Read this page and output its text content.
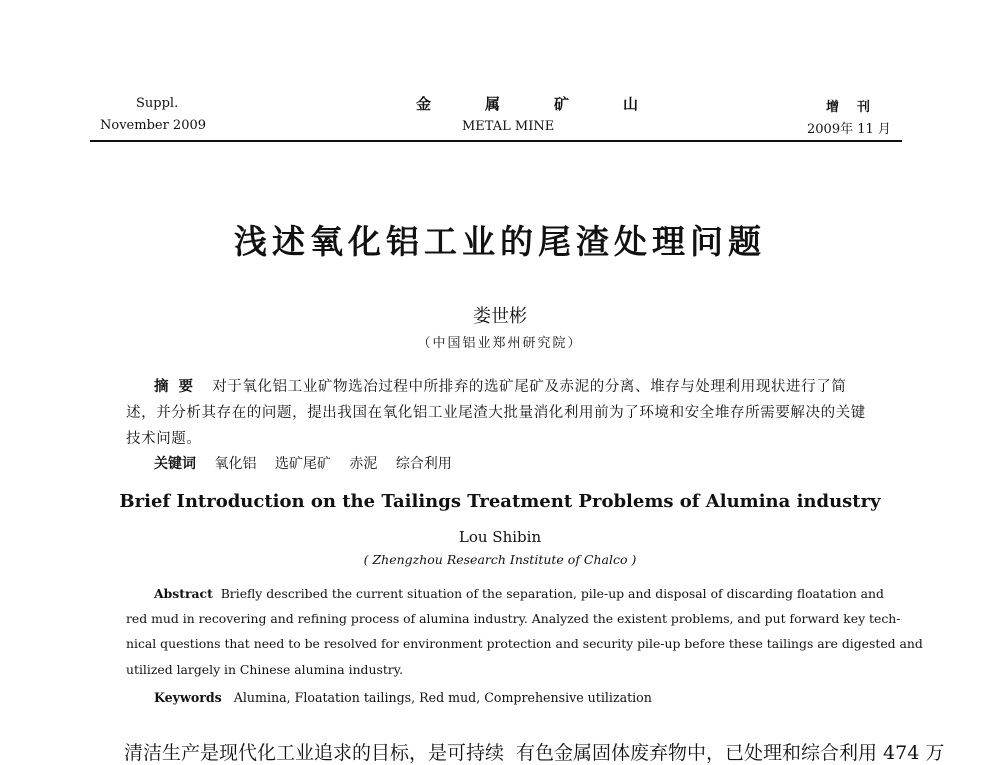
Suppl.
November 2009
金属矿山
METAL MINE
增刊
2009年 11 月
浅述氧化铝工业的尾渣处理问题
娄世彬
（中国铝业郑州研究院）
摘要 对于氧化铝工业矿物选冶过程中所排弃的选矿尾矿及赤泥的分离、堆存与处理利用现状进行了简
述，并分析其存在的问题，提出我国在氧化铝工业尾渣大批量消化利用前为了环境和安全堆存所需要解决的关键
技术问题。
关键词 氧化铝 选矿尾矿 赤泥 综合利用
Brief Introduction on the Tailings Treatment Problems of Alumina industry
Lou Shibin
( Zhengzhou Research Institute of Chalco )
Abstract Briefly described the current situation of the separation, pile-up and disposal of discarding floatation and
red mud in recovering and refining process of alumina industry. Analyzed the existent problems, and put forward key tech-
nical questions that need to be resolved for environment protection and security pile-up before these tailings are digested and
utilized largely in Chinese alumina industry.
Keywords Alumina, Floatation tailings, Red mud, Comprehensive utilization
清洁生产是现代化工业追求的目标，是可持续 有色金属固体废弃物中，已处理和综合利用 474 万
